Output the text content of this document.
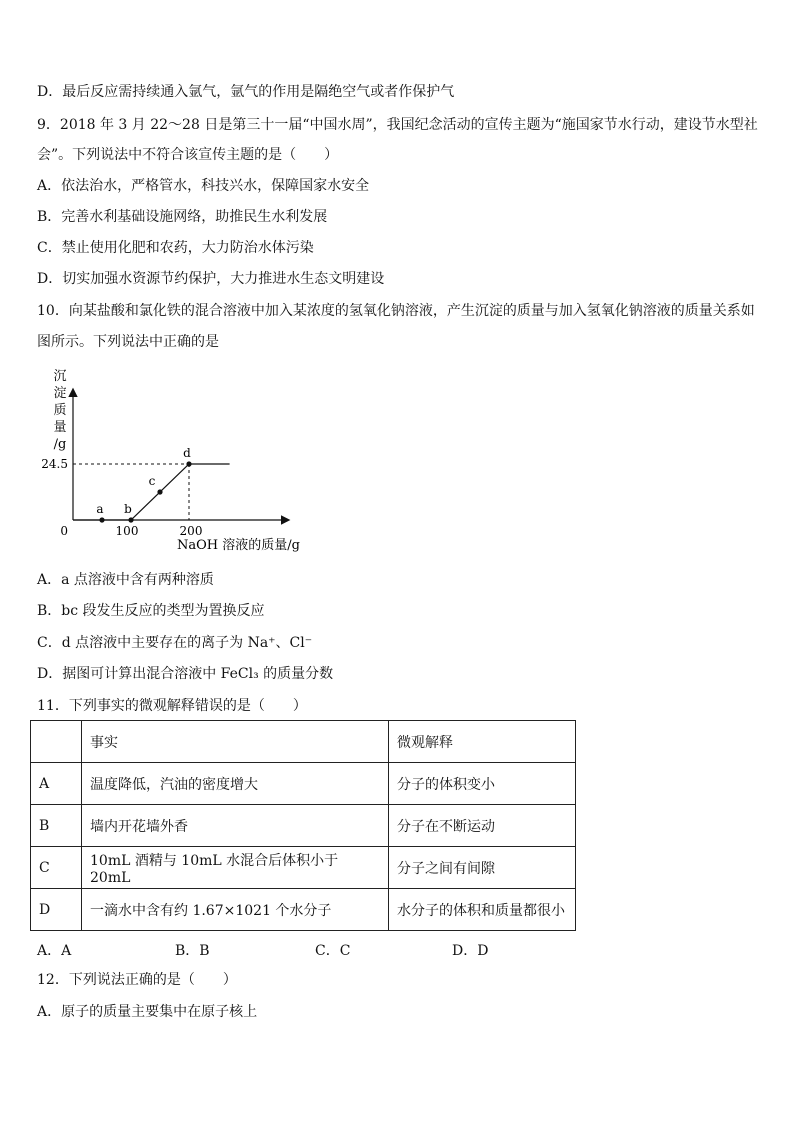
D．最后反应需持续通入氩气，氩气的作用是隔绝空气或者作保护气
9．2018 年 3 月 22～28 日是第三十一届“中国水周”，我国纪念活动的宣传主题为“施国家节水行动，建设节水型社
会”。下列说法中不符合该宣传主题的是（　　）
A．依法治水，严格管水，科技兴水，保障国家水安全
B．完善水利基础设施网络，助推民生水利发展
C．禁止使用化肥和农药，大力防治水体污染
D．切实加强水资源节约保护，大力推进水生态文明建设
10．向某盐酸和氯化铁的混合溶液中加入某浓度的氢氧化钠溶液，产生沉淀的质量与加入氢氧化钠溶液的质量关系如
图所示。下列说法中正确的是
沉
淀
质
量
/g
a b
c
d
100	200
24.5
NaOH 溶液的质量/g
0
A．a 点溶液中含有两种溶质
B．bc 段发生反应的类型为置换反应
C．d 点溶液中主要存在的离子为 Na⁺、Cl⁻
D．据图可计算出混合溶液中 FeCl₃ 的质量分数
11．下列事实的微观解释错误的是（　　）
	事实	微观解释
A	温度降低，汽油的密度增大	分子的体积变小
B	墙内开花墙外香	分子在不断运动
C	10mL 酒精与 10mL 水混合后体积小于 20mL	分子之间有间隙
D	一滴水中含有约 1.67×1021 个水分子	水分子的体积和质量都很小
A．A	B．B	C．C	D．D
12．下列说法正确的是（　　）
A．原子的质量主要集中在原子核上
